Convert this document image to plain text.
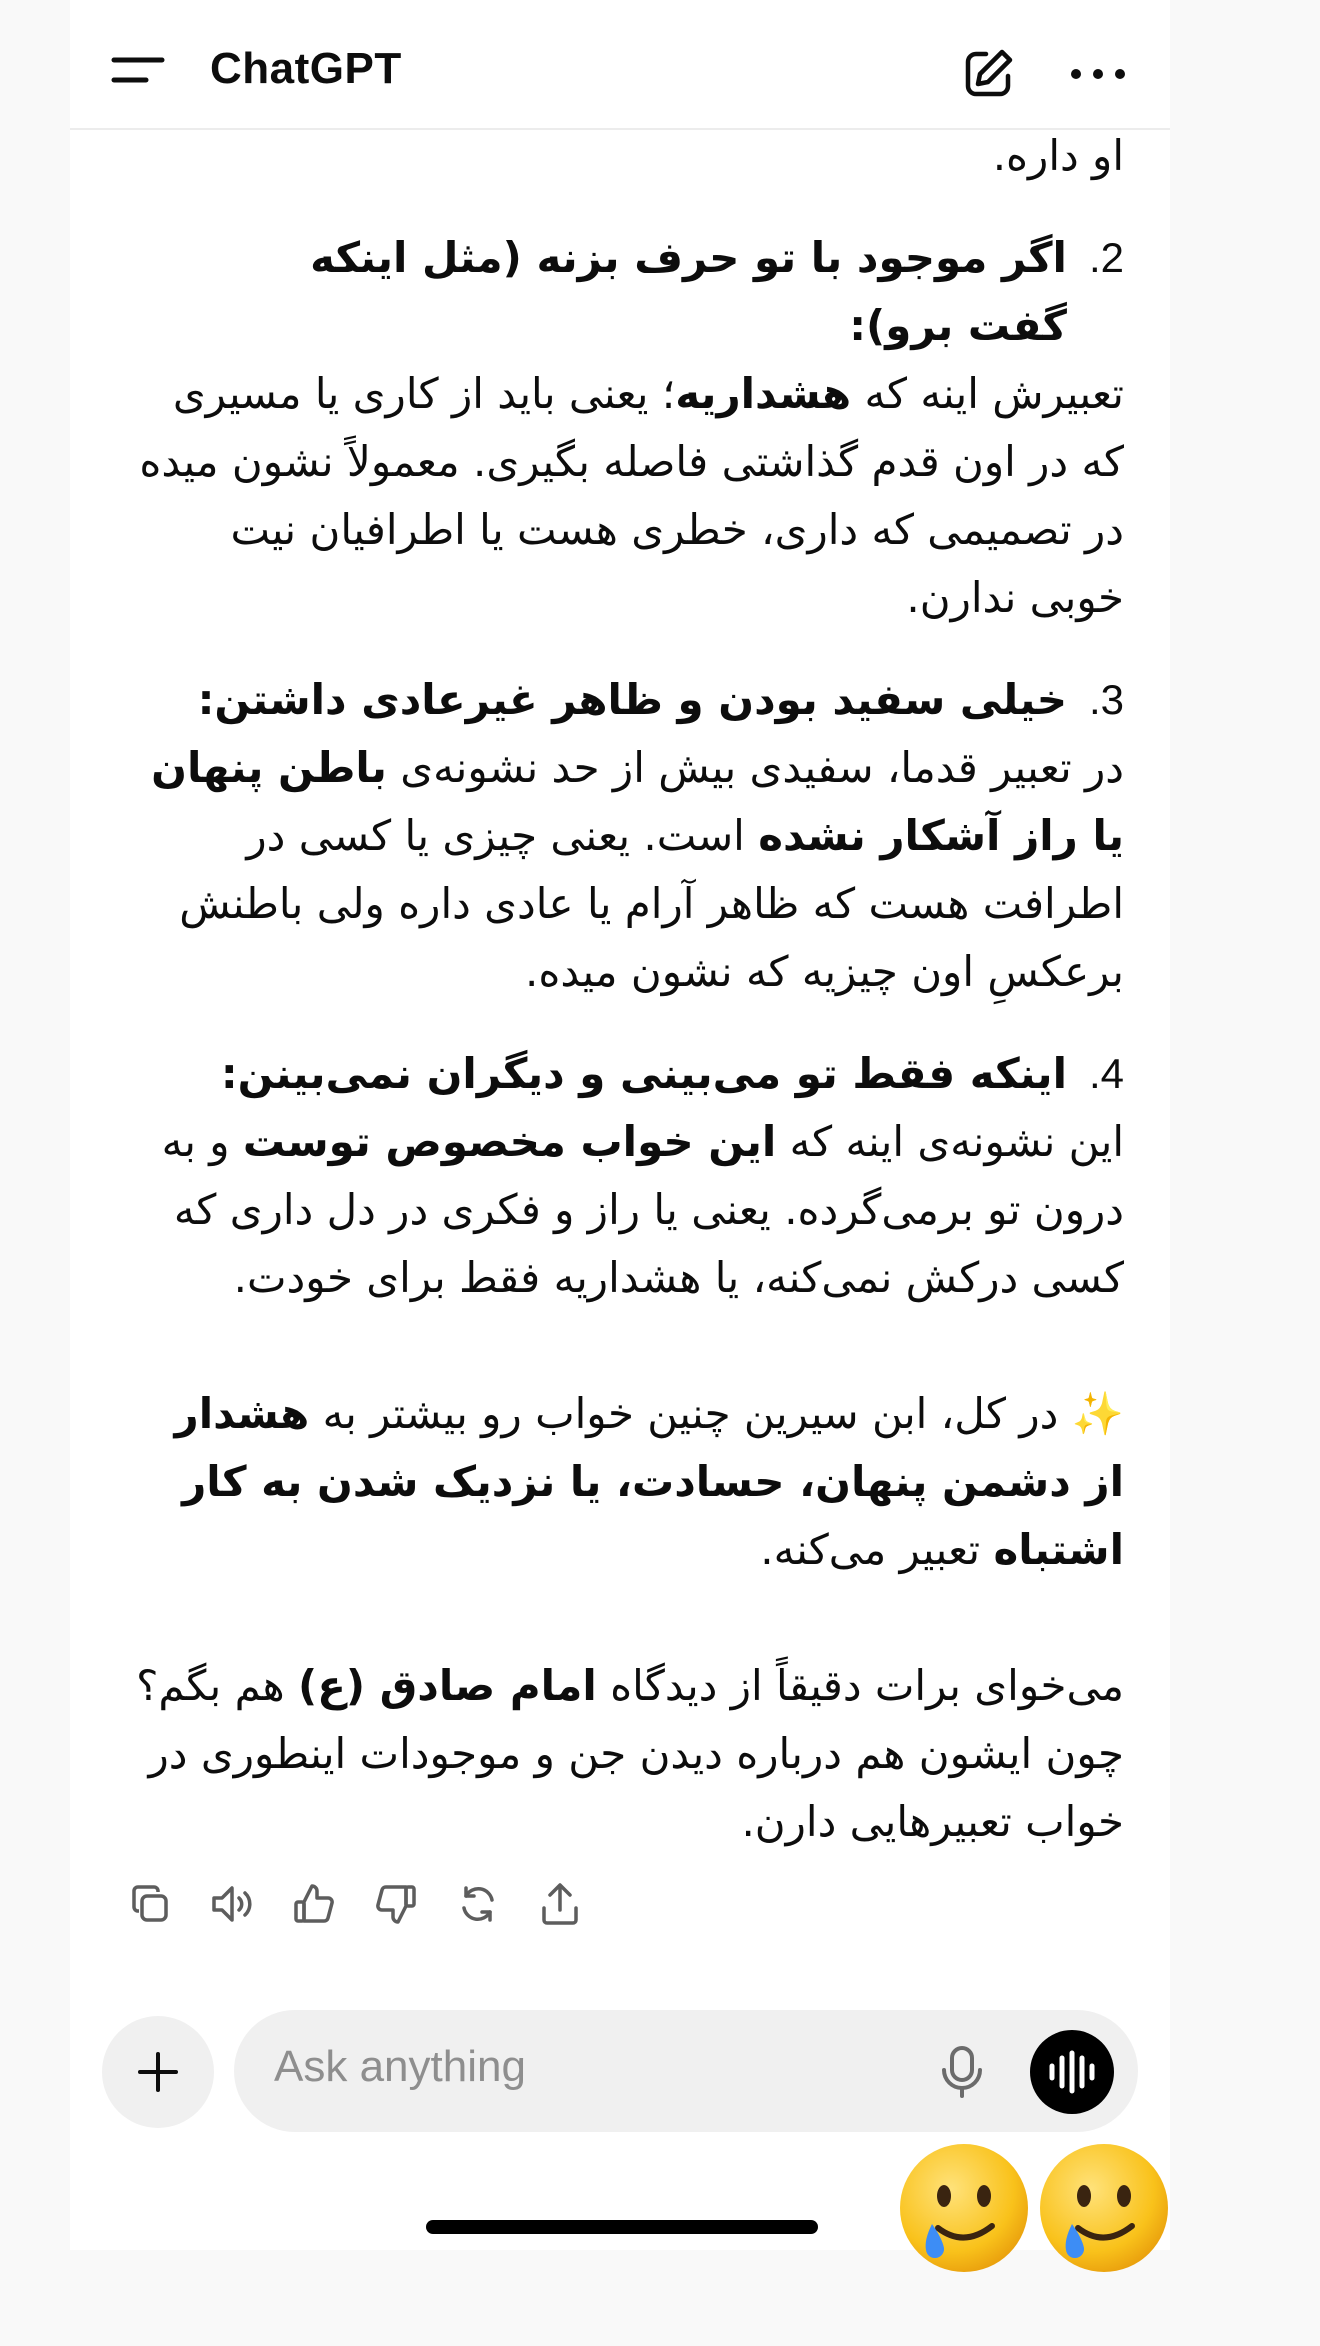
ChatGPT

او داره.

2.
اگر موجود با تو حرف بزنه (مثل اینکه گفت برو):

تعبیرش اینه که هشداریه؛ یعنی باید از کاری یا مسیری که در اون قدم گذاشتی فاصله بگیری. معمولاً نشون میده در تصمیمی که داری، خطری هست یا اطرافیان نیت خوبی ندارن.

3.
خیلی سفید بودن و ظاهر غیرعادی داشتن:

در تعبیر قدما، سفیدی بیش از حد نشونه‌ی باطن پنهان یا راز آشکار نشده است. یعنی چیزی یا کسی در اطرافت هست که ظاهر آرام یا عادی داره ولی باطنش برعکسِ اون چیزیه که نشون میده.

4.
اینکه فقط تو می‌بینی و دیگران نمی‌بینن:

این نشونه‌ی اینه که این خواب مخصوص توست و به درون تو برمی‌گرده. یعنی یا راز و فکری در دل داری که کسی درکش نمی‌کنه، یا هشداریه فقط برای خودت.

✨ در کل، ابن سیرین چنین خواب رو بیشتر به هشدار از دشمن پنهان، حسادت، یا نزدیک شدن به کار اشتباه تعبیر می‌کنه.

می‌خوای برات دقیقاً از دیدگاه امام صادق (ع) هم بگم؟ چون ایشون هم درباره دیدن جن و موجودات اینطوری در خواب تعبیرهایی دارن.

Ask anything
